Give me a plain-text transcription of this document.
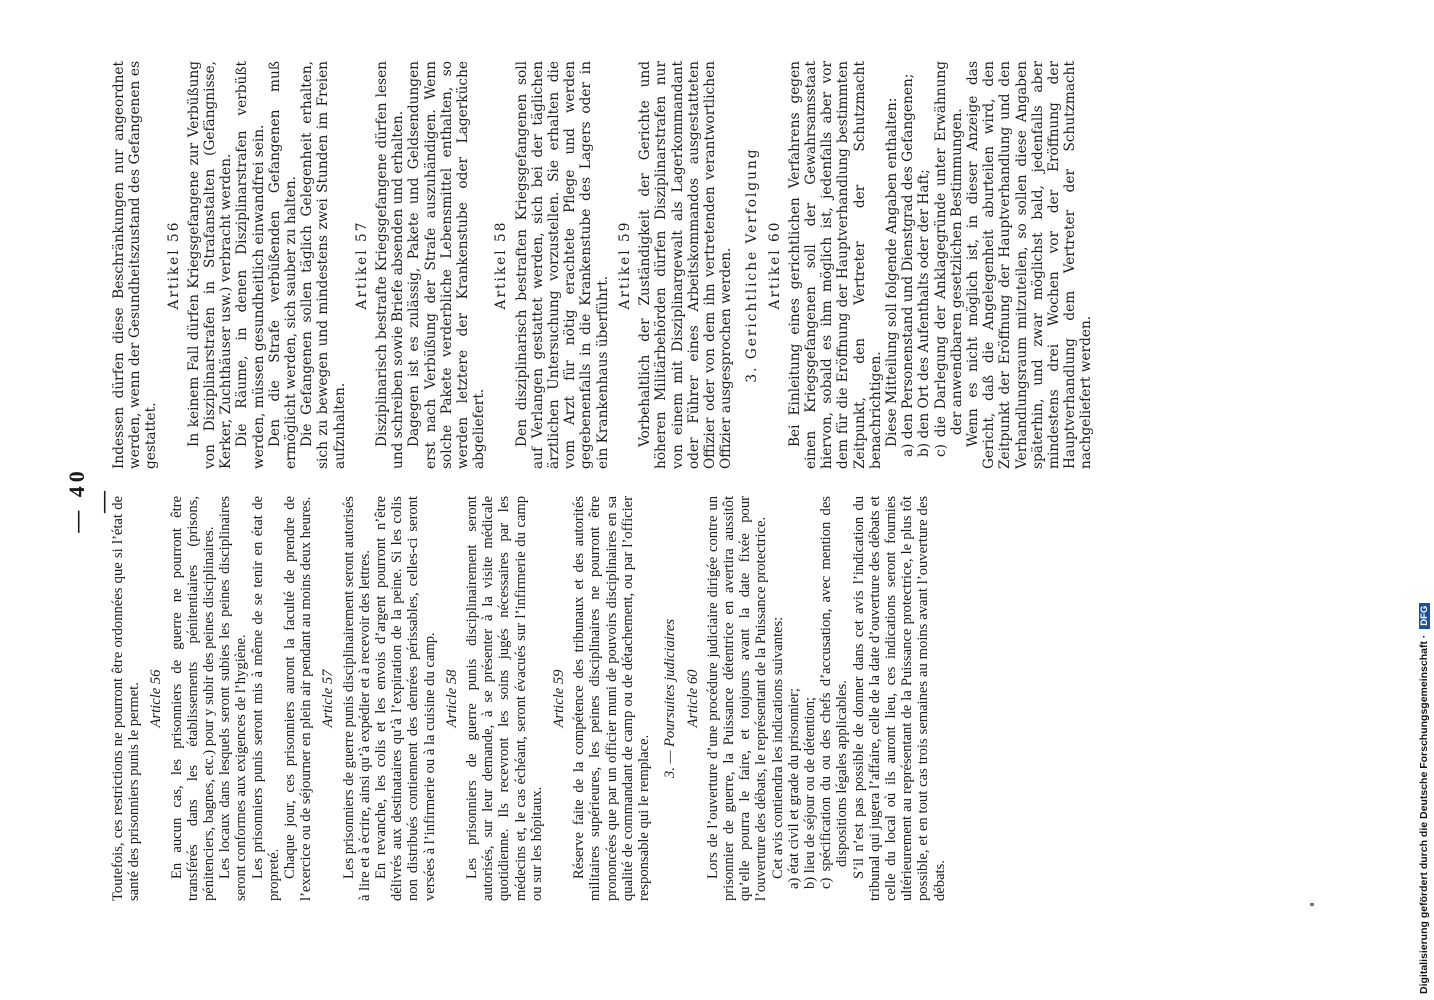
— 40 —

Toutefois, ces restrictions ne pourront être ordonnées que si l’état de santé des prisonniers punis le permet. Article 56 En aucun cas, les prisonniers de guerre ne pourront être transférés dans les établissements pénitentiaires (prisons, pénitenciers, bagnes, etc.) pour y subir des peines disciplinaires. Les locaux dans lesquels seront subies les peines disciplinaires seront conformes aux exigences de l’hygiène. Les prisonniers punis seront mis à même de se tenir en état de propreté. Chaque jour, ces prisonniers auront la faculté de prendre de l’exercice ou de séjourner en plein air pendant au moins deux heures. Article 57 Les prisonniers de guerre punis disciplinairement seront autorisés à lire et à écrire, ainsi qu’à expédier et à recevoir des lettres. En revanche, les colis et les envois d’argent pourront n’être délivrés aux destinataires qu’à l’expiration de la peine. Si les colis non distribués contiennent des denrées périssables, celles-ci seront versées à l’infirmerie ou à la cuisine du camp. Article 58 Les prisonniers de guerre punis disciplinairement seront autorisés, sur leur demande, à se présenter à la visite médicale quotidienne. Ils recevront les soins jugés nécessaires par les médecins et, le cas échéant, seront évacués sur l’infirmerie du camp ou sur les hôpitaux.

Article 59 Réserve faite de la compétence des tribunaux et des autorités militaires supérieures, les peines disciplinaires ne pourront être prononcées que par un officier muni de pouvoirs disciplinaires en sa qualité de commandant de camp ou de détachement, ou par l’officier responsable qui le remplace.

3. — Poursuites judiciaires Article 60 Lors de l’ouverture d’une procédure judiciaire dirigée contre un prisonnier de guerre, la Puissance détentrice en avertira aussitôt qu’elle pourra le faire, et toujours avant la date fixée pour l’ouverture des débats, le représentant de la Puissance protectrice. Cet avis contiendra les indications suivantes: a) état civil et grade du prisonnier; b) lieu de séjour ou de détention; c) spécification du ou des chefs d’accusation, avec mention des dispositions légales applicables. S’il n’est pas possible de donner dans cet avis l’indication du tribunal qui jugera l’affaire, celle de la date d’ouverture des débats et celle du local où ils auront lieu, ces indications seront fournies ultérieurement au représentant de la Puissance protectrice, le plus tôt possible, et en tout cas trois semaines au moins avant l’ouverture des débats.

Indessen dürfen diese Beschränkungen nur angeordnet werden, wenn der Gesundheitszustand des Gefangenen es gestattet.

Artikel 56 In keinem Fall dürfen Kriegsgefangene zur Verbüßung von Disziplinarstrafen in Strafanstalten (Gefängnisse, Kerker, Zuchthäuser usw.) verbracht werden. Die Räume, in denen Disziplinarstrafen verbüßt werden, müssen gesundheitlich einwandfrei sein. Den die Strafe verbüßenden Gefangenen muß ermöglicht werden, sich sauber zu halten. Die Gefangenen sollen täglich Gelegenheit erhalten, sich zu bewegen und mindestens zwei Stunden im Freien aufzuhalten.

Artikel 57 Disziplinarisch bestrafte Kriegsgefangene dürfen lesen und schreiben sowie Briefe absenden und erhalten. Dagegen ist es zulässig, Pakete und Geldsendungen erst nach Verbüßung der Strafe auszuhändigen. Wenn solche Pakete verderbliche Lebensmittel enthalten, so werden letztere der Krankenstube oder Lagerküche abgeliefert.

Artikel 58 Den disziplinarisch bestraften Kriegsgefangenen soll auf Verlangen gestattet werden, sich bei der täglichen ärztlichen Untersuchung vorzustellen. Sie erhalten die vom Arzt für nötig erachtete Pflege und werden gegebenenfalls in die Krankenstube des Lagers oder in ein Krankenhaus überführt.

Artikel 59 Vorbehaltlich der Zuständigkeit der Gerichte und höheren Militärbehörden dürfen Disziplinarstrafen nur von einem mit Disziplinargewalt als Lagerkommandant oder Führer eines Arbeitskommandos ausgestatteten Offizier oder von dem ihn vertretenden verantwortlichen Offizier ausgesprochen werden. 3. Gerichtliche Verfolgung Artikel 60 Bei Einleitung eines gerichtlichen Verfahrens gegen einen Kriegsgefangenen soll der Gewahrsamsstaat hiervon, sobald es ihm möglich ist, jedenfalls aber vor dem für die Eröffnung der Hauptverhandlung bestimmten Zeitpunkt, den Vertreter der Schutzmacht benachrichtigen. Diese Mitteilung soll folgende Angaben enthalten: a) den Personenstand und Dienstgrad des Gefangenen; b) den Ort des Aufenthalts oder der Haft; c) die Darlegung der Anklagegründe unter Erwähnung der anwendbaren gesetzlichen Bestimmungen. Wenn es nicht möglich ist, in dieser Anzeige das Gericht, daß die Angelegenheit aburteilen wird, den Zeitpunkt der Eröffnung der Hauptverhandlung und den Verhandlungsraum mitzuteilen, so sollen diese Angaben späterhin, und zwar möglichst bald, jedenfalls aber mindestens drei Wochen vor der Eröffnung der Hauptverhandlung dem Vertreter der Schutzmacht nachgeliefert werden.

Digitalisierung gefördert durch die Deutsche Forschungsgemeinschaft · DFG
